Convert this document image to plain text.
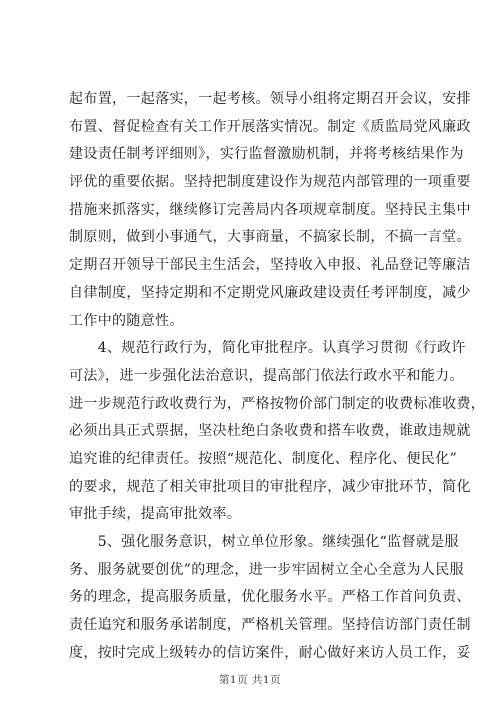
起布置，一起落实，一起考核。领导小组将定期召开会议，安排
布置、督促检查有关工作开展落实情况。制定《质监局党风廉政
建设责任制考评细则》，实行监督激励机制，并将考核结果作为
评优的重要依据。坚持把制度建设作为规范内部管理的一项重要
措施来抓落实，继续修订完善局内各项规章制度。坚持民主集中
制原则，做到小事通气，大事商量，不搞家长制，不搞一言堂。
定期召开领导干部民主生活会，坚持收入申报、礼品登记等廉洁
自律制度，坚持定期和不定期党风廉政建设责任考评制度，减少
工作中的随意性。
　　4、规范行政行为，简化审批程序。认真学习贯彻《行政许
可法》，进一步强化法治意识，提高部门依法行政水平和能力。
进一步规范行政收费行为，严格按物价部门制定的收费标准收费，
必须出具正式票据，坚决杜绝白条收费和搭车收费，谁敢违规就
追究谁的纪律责任。按照“规范化、制度化、程序化、便民化”
的要求，规范了相关审批项目的审批程序，减少审批环节，简化
审批手续，提高审批效率。
　　5、强化服务意识，树立单位形象。继续强化“监督就是服
务、服务就要创优”的理念，进一步牢固树立全心全意为人民服
务的理念，提高服务质量，优化服务水平。严格工作首问负责、
责任追究和服务承诺制度，严格机关管理。坚持信访部门责任制
度，按时完成上级转办的信访案件，耐心做好来访人员工作，妥
第1页 共1页
